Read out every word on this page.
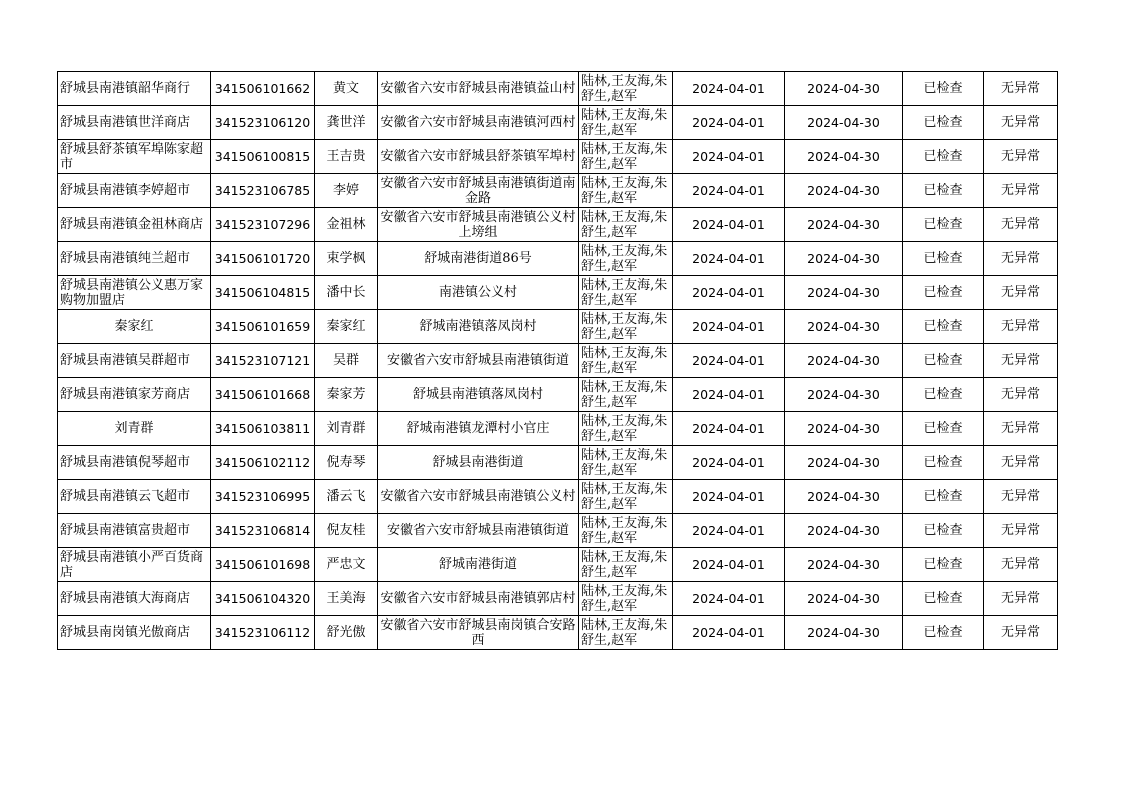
舒城县南港镇韶华商行	341506101662	黄文	安徽省六安市舒城县南港镇益山村	陆林,王友海,朱舒生,赵军	2024-04-01	2024-04-30	已检查	无异常
舒城县南港镇世洋商店	341523106120	龚世洋	安徽省六安市舒城县南港镇河西村	陆林,王友海,朱舒生,赵军	2024-04-01	2024-04-30	已检查	无异常
舒城县舒茶镇军埠陈家超市	341506100815	王吉贵	安徽省六安市舒城县舒茶镇军埠村	陆林,王友海,朱舒生,赵军	2024-04-01	2024-04-30	已检查	无异常
舒城县南港镇李婷超市	341523106785	李婷	安徽省六安市舒城县南港镇街道南金路	陆林,王友海,朱舒生,赵军	2024-04-01	2024-04-30	已检查	无异常
舒城县南港镇金祖林商店	341523107296	金祖林	安徽省六安市舒城县南港镇公义村上塝组	陆林,王友海,朱舒生,赵军	2024-04-01	2024-04-30	已检查	无异常
舒城县南港镇纯兰超市	341506101720	束学枫	舒城南港街道86号	陆林,王友海,朱舒生,赵军	2024-04-01	2024-04-30	已检查	无异常
舒城县南港镇公义惠万家购物加盟店	341506104815	潘中长	南港镇公义村	陆林,王友海,朱舒生,赵军	2024-04-01	2024-04-30	已检查	无异常
秦家红	341506101659	秦家红	舒城南港镇落凤岗村	陆林,王友海,朱舒生,赵军	2024-04-01	2024-04-30	已检查	无异常
舒城县南港镇吴群超市	341523107121	吴群	安徽省六安市舒城县南港镇街道	陆林,王友海,朱舒生,赵军	2024-04-01	2024-04-30	已检查	无异常
舒城县南港镇家芳商店	341506101668	秦家芳	舒城县南港镇落凤岗村	陆林,王友海,朱舒生,赵军	2024-04-01	2024-04-30	已检查	无异常
刘青群	341506103811	刘青群	舒城南港镇龙潭村小官庄	陆林,王友海,朱舒生,赵军	2024-04-01	2024-04-30	已检查	无异常
舒城县南港镇倪琴超市	341506102112	倪寿琴	舒城县南港街道	陆林,王友海,朱舒生,赵军	2024-04-01	2024-04-30	已检查	无异常
舒城县南港镇云飞超市	341523106995	潘云飞	安徽省六安市舒城县南港镇公义村	陆林,王友海,朱舒生,赵军	2024-04-01	2024-04-30	已检查	无异常
舒城县南港镇富贵超市	341523106814	倪友桂	安徽省六安市舒城县南港镇街道	陆林,王友海,朱舒生,赵军	2024-04-01	2024-04-30	已检查	无异常
舒城县南港镇小严百货商店	341506101698	严忠文	舒城南港街道	陆林,王友海,朱舒生,赵军	2024-04-01	2024-04-30	已检查	无异常
舒城县南港镇大海商店	341506104320	王美海	安徽省六安市舒城县南港镇郭店村	陆林,王友海,朱舒生,赵军	2024-04-01	2024-04-30	已检查	无异常
舒城县南岗镇光傲商店	341523106112	舒光傲	安徽省六安市舒城县南岗镇合安路西	陆林,王友海,朱舒生,赵军	2024-04-01	2024-04-30	已检查	无异常
